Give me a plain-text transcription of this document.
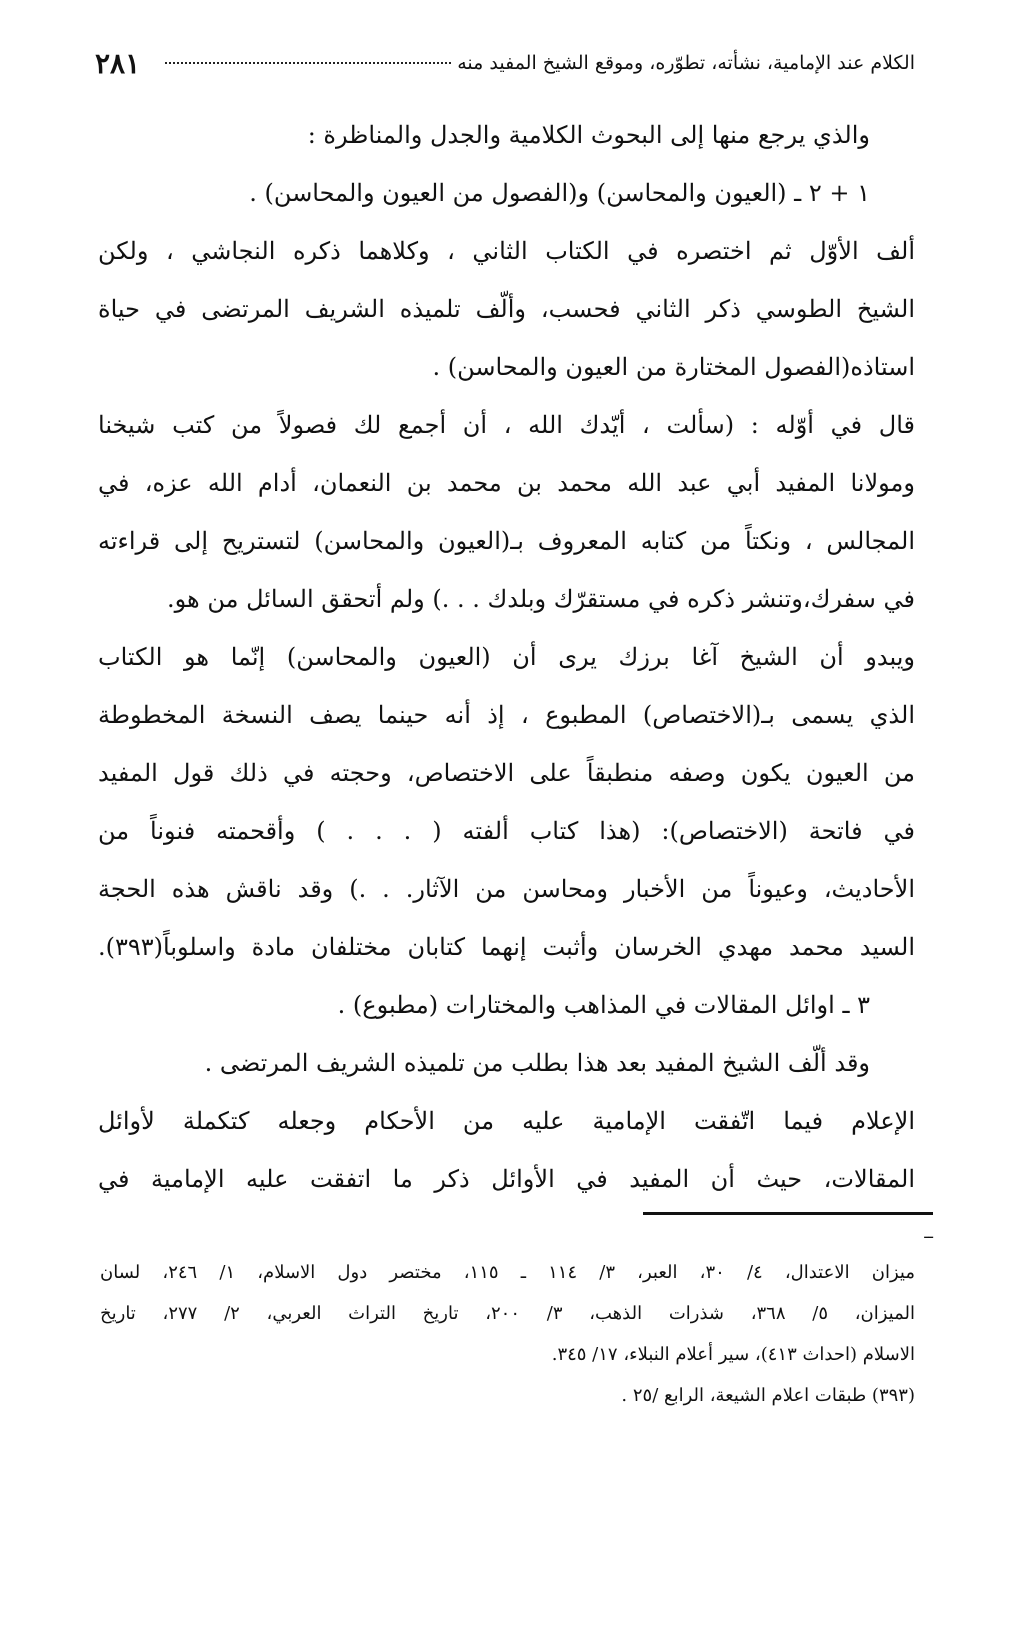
٢٨١	الكلام عند الإمامية، نشأته، تطوّره، وموقع الشيخ المفيد منه
والذي يرجع منها إلى البحوث الكلامية والجدل والمناظرة :
١ + ٢ ـ (العيون والمحاسن) و(الفصول من العيون والمحاسن) .
ألف الأوّل ثم اختصره في الكتاب الثاني ، وكلاهما ذكره النجاشي ، ولكن
الشيخ الطوسي ذكر الثاني فحسب، وألّف تلميذه الشريف المرتضى في حياة
استاذه(الفصول المختارة من العيون والمحاسن) .
قال في أوّله : (سألت ، أيّدك الله ، أن أجمع لك فصولاً من كتب شيخنا
ومولانا المفيد أبي عبد الله محمد بن محمد بن النعمان، أدام الله عزه، في
المجالس ، ونكتاً من كتابه المعروف بـ(العيون والمحاسن) لتستريح إلى قراءته
في سفرك،وتنشر ذكره في مستقرّك وبلدك . . .) ولم أتحقق السائل من هو.
ويبدو أن الشيخ آغا برزك يرى أن (العيون والمحاسن) إنّما هو الكتاب
الذي يسمى بـ(الاختصاص) المطبوع ، إذ أنه حينما يصف النسخة المخطوطة
من العيون يكون وصفه منطبقاً على الاختصاص، وحجته في ذلك قول المفيد
في فاتحة (الاختصاص): (هذا كتاب ألفته ( . . . ) وأقحمته فنوناً من
الأحاديث، وعيوناً من الأخبار ومحاسن من الآثار. . .) وقد ناقش هذه الحجة
السيد محمد مهدي الخرسان وأثبت إنهما كتابان مختلفان مادة واسلوباً(٣٩٣).
٣ ـ اوائل المقالات في المذاهب والمختارات (مطبوع) .
وقد ألّف الشيخ المفيد بعد هذا بطلب من تلميذه الشريف المرتضى .
الإعلام فيما اتّفقت الإمامية عليه من الأحكام وجعله كتكملة لأوائل
المقالات، حيث أن المفيد في الأوائل ذكر ما اتفقت عليه الإمامية في
ــ
ميزان الاعتدال، ٤/ ٣٠، العبر، ٣/ ١١٤ ـ ١١٥، مختصر دول الاسلام، ١/ ٢٤٦، لسان
الميزان، ٥/ ٣٦٨، شذرات الذهب، ٣/ ٢٠٠، تاريخ التراث العربي، ٢/ ٢٧٧، تاريخ
الاسلام (احداث ٤١٣)، سير أعلام النبلاء، ١٧/ ٣٤٥.
(٣٩٣) طبقات اعلام الشيعة، الرابع /٢٥ .
